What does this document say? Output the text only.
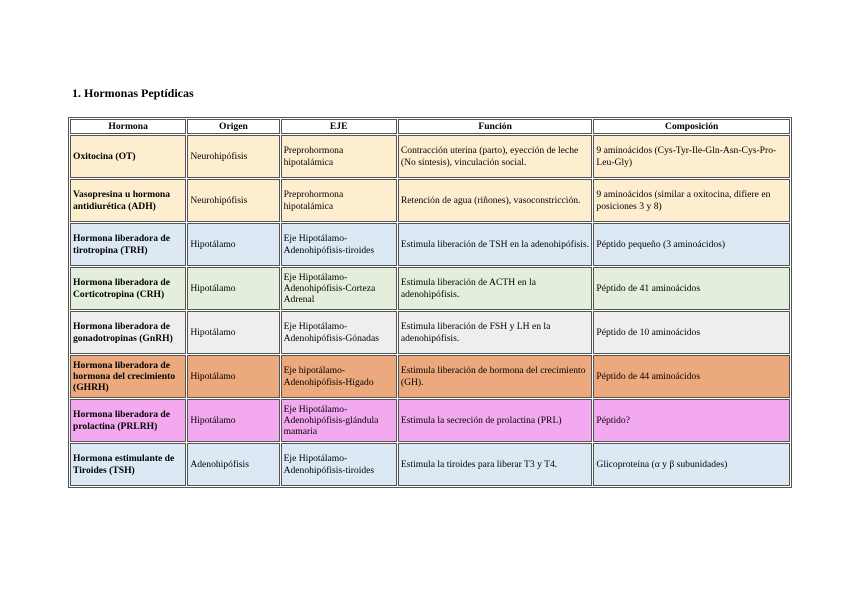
1. Hormonas Peptídicas
Hormona	Origen	EJE	Función	Composición
Oxitocina (OT)	Neurohipófisis	Preprohormona hipotalámica	Contracción uterina (parto), eyección de leche (No síntesis), vinculación social.	9 aminoácidos (Cys-Tyr-Ile-Gln-Asn-Cys-Pro-Leu-Gly)
Vasopresina u hormona antidiurética (ADH)	Neurohipófisis	Preprohormona hipotalámica	Retención de agua (riñones), vasoconstricción.	9 aminoácidos (similar a oxitocina, difiere en posiciones 3 y 8)
Hormona liberadora de tirotropina (TRH)	Hipotálamo	Eje Hipotálamo-Adenohipófisis-tiroides	Estimula liberación de TSH en la adenohipófisis.	Péptido pequeño (3 aminoácidos)
Hormona liberadora de Corticotropina (CRH)	Hipotálamo	Eje Hipotálamo-Adenohipófisis-Corteza Adrenal	Estimula liberación de ACTH en la adenohipófisis.	Péptido de 41 aminoácidos
Hormona liberadora de gonadotropinas (GnRH)	Hipotálamo	Eje Hipotálamo-Adenohipófisis-Gónadas	Estimula liberación de FSH y LH en la adenohipófisis.	Péptido de 10 aminoácidos
Hormona liberadora de hormona del crecimiento (GHRH)	Hipotálamo	Eje hipotálamo-Adenohipófisis-Hígado	Estimula liberación de hormona del crecimiento (GH).	Péptido de 44 aminoácidos
Hormona liberadora de prolactina (PRLRH)	Hipotálamo	Eje Hipotálamo-Adenohipófisis-glándula mamaria	Estimula la secreción de prolactina (PRL)	Péptido?
Hormona estimulante de Tiroides (TSH)	Adenohipófisis	Eje Hipotálamo-Adenohipófisis-tiroides	Estimula la tiroides para liberar T3 y T4.	Glicoproteína (α y β subunidades)
